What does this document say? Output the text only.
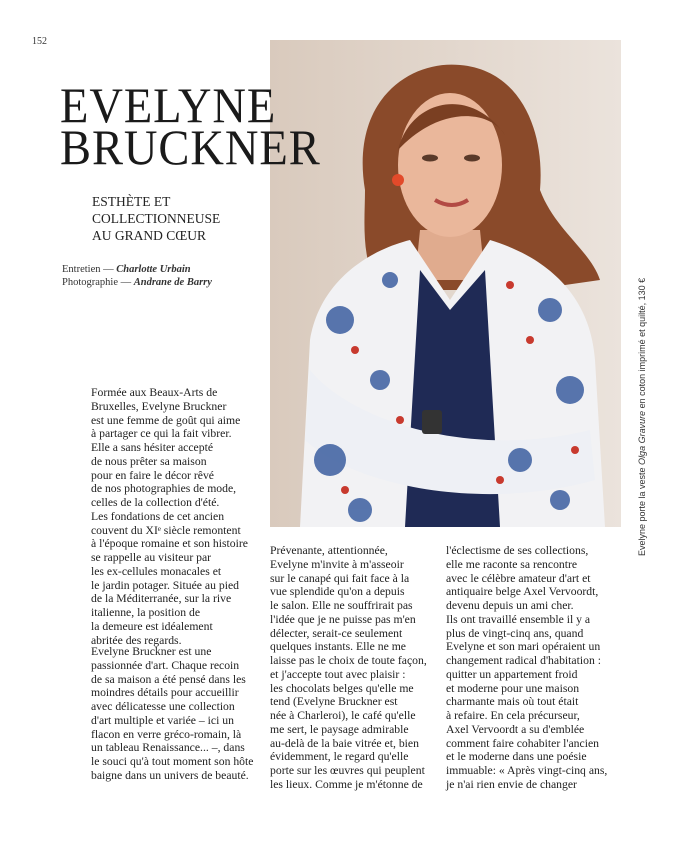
152
EVELYNE
BRUCKNER
ESTHÈTE ET
COLLECTIONNEUSE
AU GRAND CŒUR
Entretien — Charlotte Urbain
Photographie — Andrane de Barry
Formée aux Beaux-Arts de
Bruxelles, Evelyne Bruckner
est une femme de goût qui aime
à partager ce qui la fait vibrer.
Elle a sans hésiter accepté
de nous prêter sa maison
pour en faire le décor rêvé
de nos photographies de mode,
celles de la collection d'été.
Les fondations de cet ancien
couvent du XIᵉ siècle remontent
à l'époque romaine et son histoire
se rappelle au visiteur par
les ex-cellules monacales et
le jardin potager. Située au pied
de la Méditerranée, sur la rive
italienne, la position de
la demeure est idéalement
abritée des regards.
Evelyne Bruckner est une
passionnée d'art. Chaque recoin
de sa maison a été pensé dans les
moindres détails pour accueillir
avec délicatesse une collection
d'art multiple et variée – ici un
flacon en verre gréco-romain, là
un tableau Renaissance... –, dans
le souci qu'à tout moment son hôte
baigne dans un univers de beauté.
Prévenante, attentionnée,
Evelyne m'invite à m'asseoir
sur le canapé qui fait face à la
vue splendide qu'on a depuis
le salon. Elle ne souffrirait pas
l'idée que je ne puisse pas m'en
délecter, serait-ce seulement
quelques instants. Elle ne me
laisse pas le choix de toute façon,
et j'accepte tout avec plaisir :
les chocolats belges qu'elle me
tend (Evelyne Bruckner est
née à Charleroi), le café qu'elle
me sert, le paysage admirable
au-delà de la baie vitrée et, bien
évidemment, le regard qu'elle
porte sur les œuvres qui peuplent
les lieux. Comme je m'étonne de
l'éclectisme de ses collections,
elle me raconte sa rencontre
avec le célèbre amateur d'art et
antiquaire belge Axel Vervoordt,
devenu depuis un ami cher.
Ils ont travaillé ensemble il y a
plus de vingt-cinq ans, quand
Evelyne et son mari opéraient un
changement radical d'habitation :
quitter un appartement froid
et moderne pour une maison
charmante mais où tout était
à refaire. En cela précurseur,
Axel Vervoordt a su d'emblée
comment faire cohabiter l'ancien
et le moderne dans une poésie
immuable: « Après vingt-cinq ans,
je n'ai rien envie de changer
Evelyne porte la veste Olga Gravure en coton imprimé et quilté, 130 €
